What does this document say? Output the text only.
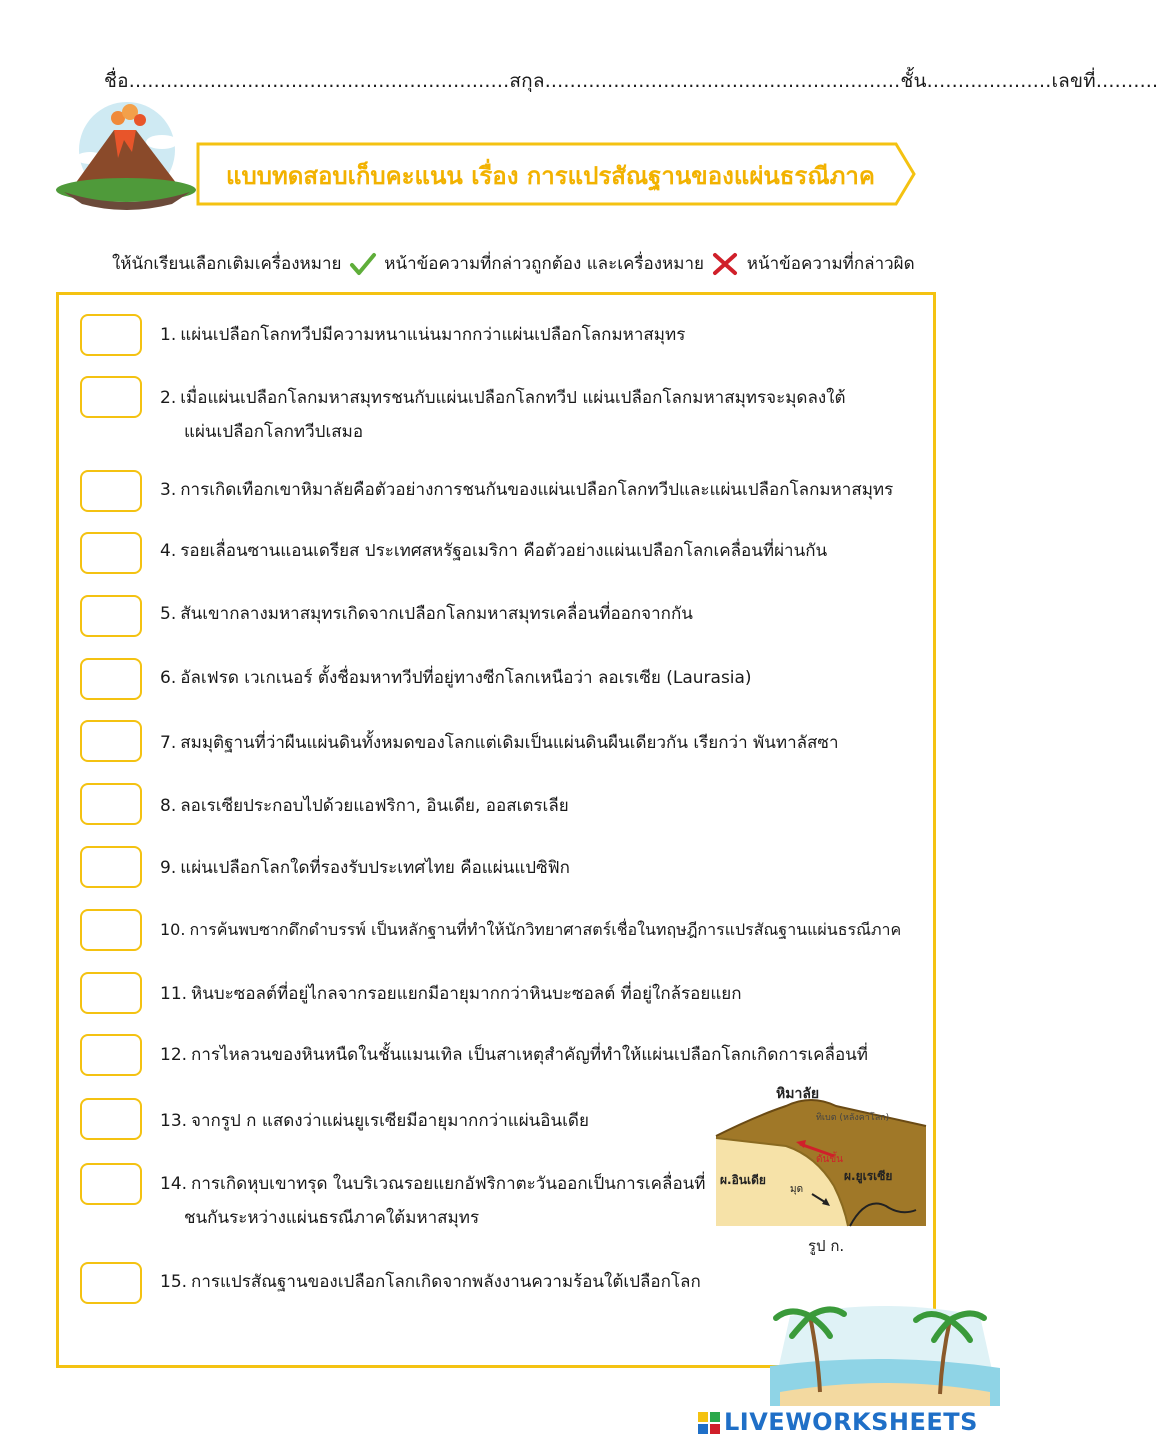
ชื่อ.............................................................สกุล.........................................................ชั้น....................เลขที่..........
แบบทดสอบเก็บคะแนน เรื่อง การแปรสัณฐานของแผ่นธรณีภาค
ให้นักเรียนเลือกเติมเครื่องหมาย	หน้าข้อความที่กล่าวถูกต้อง และเครื่องหมาย	หน้าข้อความที่กล่าวผิด
1. แผ่นเปลือกโลกทวีปมีความหนาแน่นมากกว่าแผ่นเปลือกโลกมหาสมุทร
2. เมื่อแผ่นเปลือกโลกมหาสมุทรชนกับแผ่นเปลือกโลกทวีป แผ่นเปลือกโลกมหาสมุทรจะมุดลงใต้
แผ่นเปลือกโลกทวีปเสมอ
3. การเกิดเทือกเขาหิมาลัยคือตัวอย่างการชนกันของแผ่นเปลือกโลกทวีปและแผ่นเปลือกโลกมหาสมุทร
4. รอยเลื่อนซานแอนเดรียส ประเทศสหรัฐอเมริกา คือตัวอย่างแผ่นเปลือกโลกเคลื่อนที่ผ่านกัน
5. สันเขากลางมหาสมุทรเกิดจากเปลือกโลกมหาสมุทรเคลื่อนที่ออกจากกัน
6. อัลเฟรด เวเกเนอร์ ตั้งชื่อมหาทวีปที่อยู่ทางซีกโลกเหนือว่า ลอเรเซีย (Laurasia)
7. สมมุติฐานที่ว่าผืนแผ่นดินทั้งหมดของโลกแต่เดิมเป็นแผ่นดินผืนเดียวกัน เรียกว่า พันทาลัสซา
8. ลอเรเซียประกอบไปด้วยแอฟริกา, อินเดีย, ออสเตรเลีย
9. แผ่นเปลือกโลกใดที่รองรับประเทศไทย คือแผ่นแปซิฟิก
10. การค้นพบซากดึกดำบรรพ์ เป็นหลักฐานที่ทำให้นักวิทยาศาสตร์เชื่อในทฤษฎีการแปรสัณฐานแผ่นธรณีภาค
11. หินบะซอลต์ที่อยู่ไกลจากรอยแยกมีอายุมากกว่าหินบะซอลต์ ที่อยู่ใกล้รอยแยก
12. การไหลวนของหินหนืดในชั้นแมนเทิล เป็นสาเหตุสำคัญที่ทำให้แผ่นเปลือกโลกเกิดการเคลื่อนที่
13. จากรูป ก แสดงว่าแผ่นยูเรเซียมีอายุมากกว่าแผ่นอินเดีย
14. การเกิดหุบเขาทรุด ในบริเวณรอยแยกอัฟริกาตะวันออกเป็นการเคลื่อนที่
ชนกันระหว่างแผ่นธรณีภาคใต้มหาสมุทร
15. การแปรสัณฐานของเปลือกโลกเกิดจากพลังงานความร้อนใต้เปลือกโลก
หิมาลัย
ทิเบต (หลังคาโลก)
ดันขึ้น
ผ.อินเดีย	ผ.ยูเรเซีย
มุด
รูป ก.
LIVEWORKSHEETS
